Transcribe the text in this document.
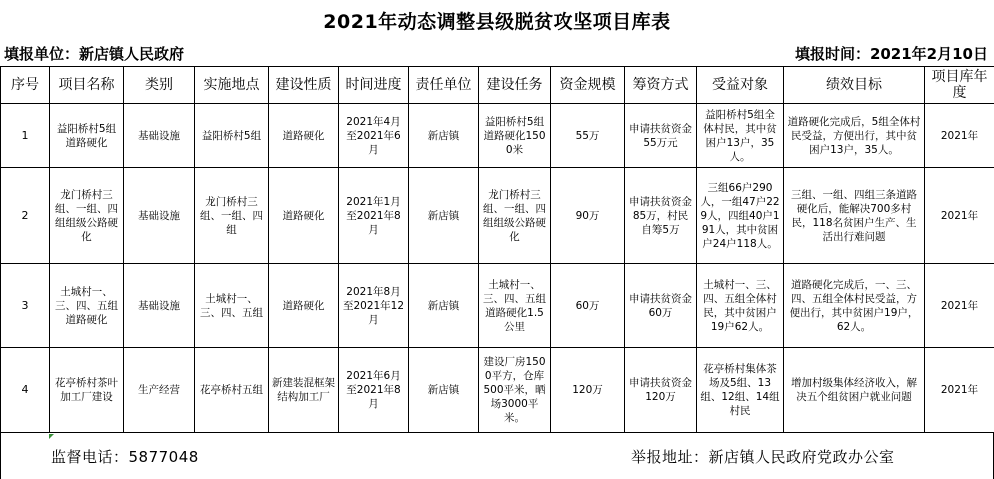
2021年动态调整县级脱贫攻坚项目库表
填报单位：新店镇人民政府	填报时间：2021年2月10日
序号	项目名称	类别	实施地点	建设性质	时间进度	责任单位	建设任务	资金规模	筹资方式	受益对象	绩效目标	项目库年度
1	益阳桥村5组道路硬化	基础设施	益阳桥村5组	道路硬化	2021年4月至2021年6月	新店镇	益阳桥村5组道路硬化1500米	55万	申请扶贫资金55万元	益阳桥村5组全体村民，其中贫困户13户，35人。	道路硬化完成后，5组全体村民受益，方便出行，其中贫困户13户，35人。	2021年
2	龙门桥村三组、一组、四组组级公路硬化	基础设施	龙门桥村三组、一组、四组	道路硬化	2021年1月至2021年8月	新店镇	龙门桥村三组、一组、四组组级公路硬化	90万	申请扶贫资金85万，村民自筹5万	三组66户290人，一组47户229人，四组40户191人，其中贫困户24户118人。	三组、一组、四组三条道路硬化后，能解决700多村民，118名贫困户生产、生活出行难问题	2021年
3	土城村一、三、四、五组道路硬化	基础设施	土城村一、三、四、五组	道路硬化	2021年8月至2021年12月	新店镇	土城村一、三、四、五组道路硬化1.5公里	60万	申请扶贫资金60万	土城村一、三、四、五组全体村民，其中贫困户19户62人。	道路硬化完成后，一、三、四、五组全体村民受益，方便出行，其中贫困户19户，62人。	2021年
4	花亭桥村茶叶加工厂建设	生产经营	花亭桥村五组	新建装混框架结构加工厂	2021年6月至2021年8月	新店镇	建设厂房1500平方，仓库500平米，晒场3000平米。	120万	申请扶贫资金120万	花亭桥村集体茶场及5组、13组、12组、14组村民	增加村级集体经济收入，解决五个组贫困户就业问题	2021年
监督电话：5877048	举报地址：新店镇人民政府党政办公室
